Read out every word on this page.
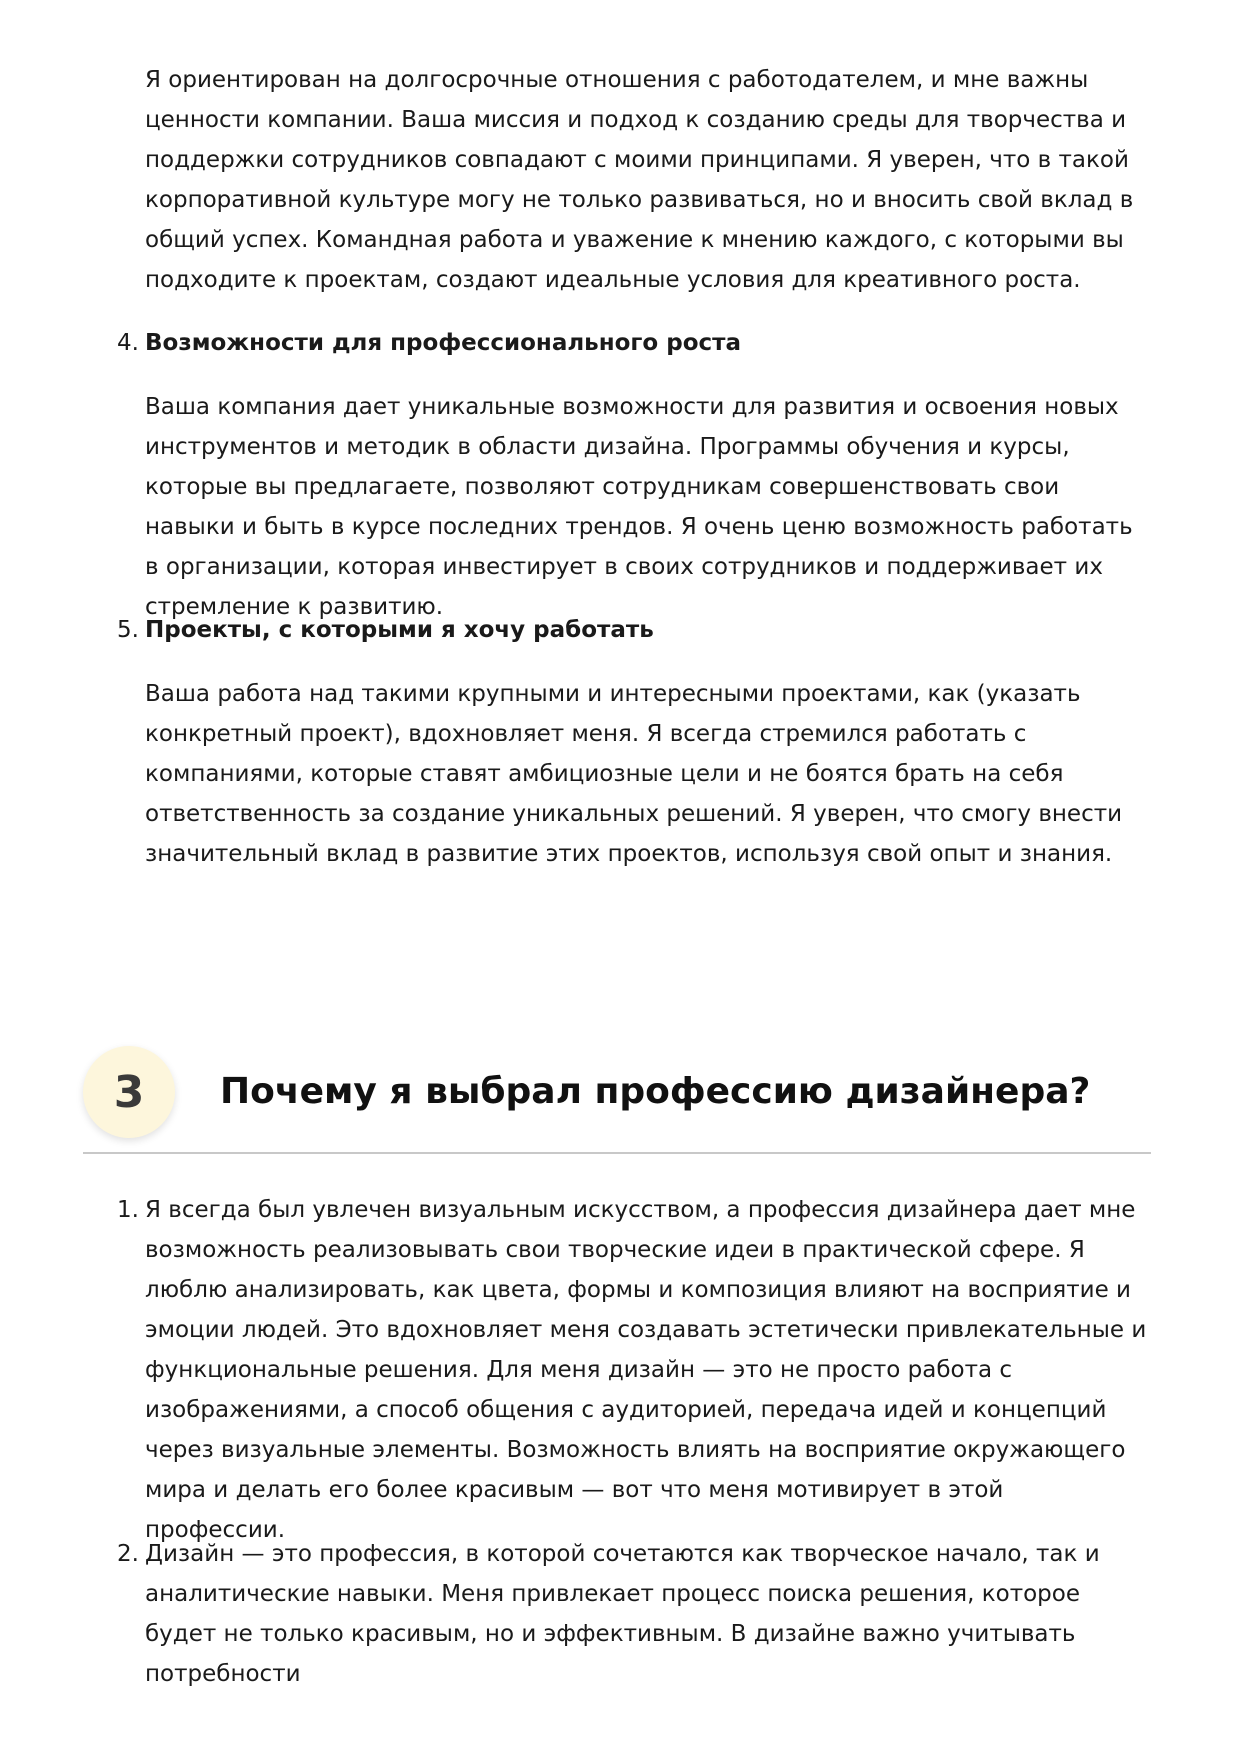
Я ориентирован на долгосрочные отношения с работодателем, и мне важны ценности компании. Ваша миссия и подход к созданию среды для творчества и поддержки сотрудников совпадают с моими принципами. Я уверен, что в такой корпоративной культуре могу не только развиваться, но и вносить свой вклад в общий успех. Командная работа и уважение к мнению каждого, с которыми вы подходите к проектам, создают идеальные условия для креативного роста.

4. Возможности для профессионального роста

Ваша компания дает уникальные возможности для развития и освоения новых инструментов и методик в области дизайна. Программы обучения и курсы, которые вы предлагаете, позволяют сотрудникам совершенствовать свои навыки и быть в курсе последних трендов. Я очень ценю возможность работать в организации, которая инвестирует в своих сотрудников и поддерживает их стремление к развитию.

5. Проекты, с которыми я хочу работать

Ваша работа над такими крупными и интересными проектами, как (указать конкретный проект), вдохновляет меня. Я всегда стремился работать с компаниями, которые ставят амбициозные цели и не боятся брать на себя ответственность за создание уникальных решений. Я уверен, что смогу внести значительный вклад в развитие этих проектов, используя свой опыт и знания.

3	Почему я выбрал профессию дизайнера?
1. Я всегда был увлечен визуальным искусством, а профессия дизайнера дает мне возможность реализовывать свои творческие идеи в практической сфере. Я люблю анализировать, как цвета, формы и композиция влияют на восприятие и эмоции людей. Это вдохновляет меня создавать эстетически привлекательные и функциональные решения. Для меня дизайн — это не просто работа с изображениями, а способ общения с аудиторией, передача идей и концепций через визуальные элементы. Возможность влиять на восприятие окружающего мира и делать его более красивым — вот что меня мотивирует в этой профессии.
2. Дизайн — это профессия, в которой сочетаются как творческое начало, так и аналитические навыки. Меня привлекает процесс поиска решения, которое будет не только красивым, но и эффективным. В дизайне важно учитывать потребности
